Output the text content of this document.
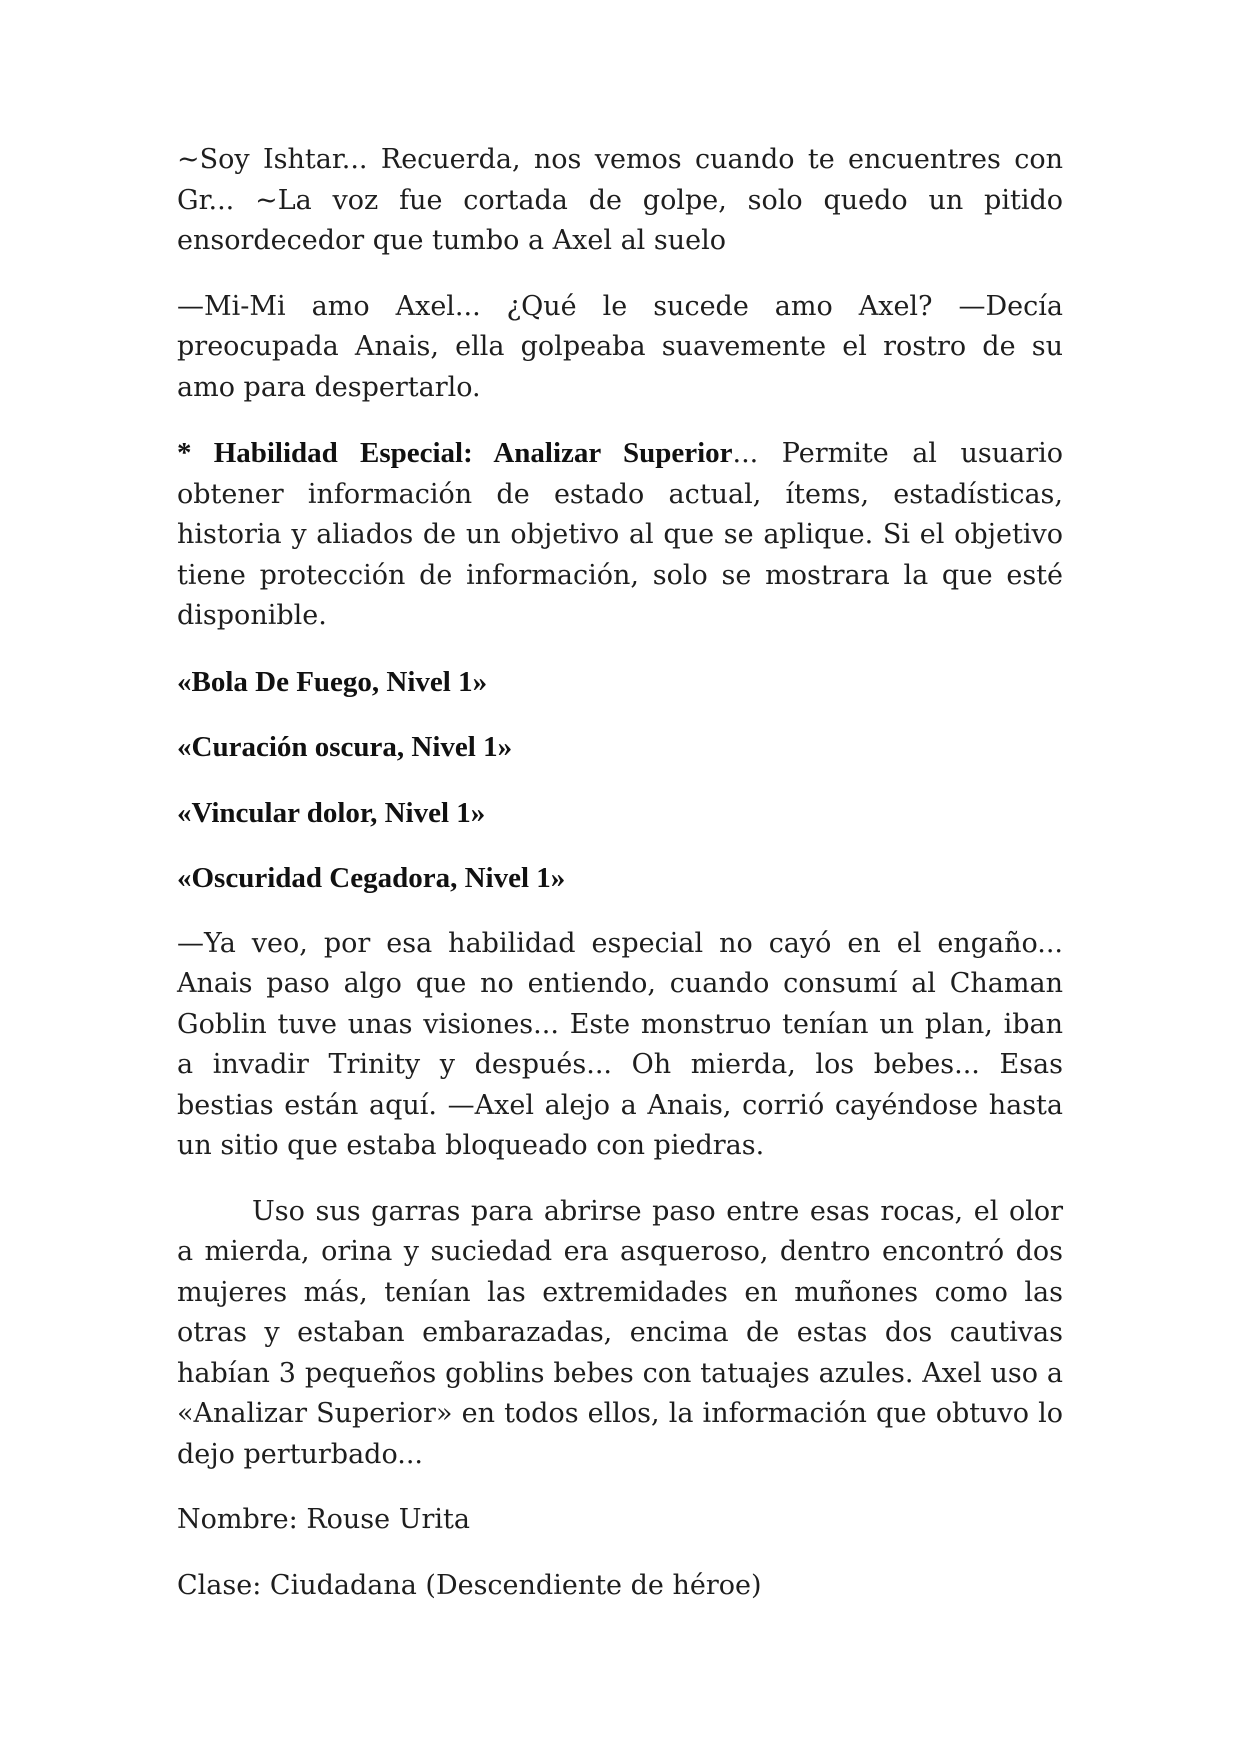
~Soy Ishtar... Recuerda, nos vemos cuando te encuentres con Gr... ~La voz fue cortada de golpe, solo quedo un pitido ensordecedor que tumbo a Axel al suelo

—Mi-Mi amo Axel... ¿Qué le sucede amo Axel? —Decía preocupada Anais, ella golpeaba suavemente el rostro de su amo para despertarlo.

* Habilidad Especial: Analizar Superior... Permite al usuario obtener información de estado actual, ítems, estadísticas, historia y aliados de un objetivo al que se aplique. Si el objetivo tiene protección de información, solo se mostrara la que esté disponible.

«Bola De Fuego, Nivel 1»

«Curación oscura, Nivel 1»

«Vincular dolor, Nivel 1»

«Oscuridad Cegadora, Nivel 1»

—Ya veo, por esa habilidad especial no cayó en el engaño... Anais paso algo que no entiendo, cuando consumí al Chaman Goblin tuve unas visiones... Este monstruo tenían un plan, iban a invadir Trinity y después... Oh mierda, los bebes... Esas bestias están aquí. —Axel alejo a Anais, corrió cayéndose hasta un sitio que estaba bloqueado con piedras.

Uso sus garras para abrirse paso entre esas rocas, el olor a mierda, orina y suciedad era asqueroso, dentro encontró dos mujeres más, tenían las extremidades en muñones como las otras y estaban embarazadas, encima de estas dos cautivas habían 3 pequeños goblins bebes con tatuajes azules. Axel uso a «Analizar Superior» en todos ellos, la información que obtuvo lo dejo perturbado...

Nombre: Rouse Urita

Clase: Ciudadana (Descendiente de héroe)
